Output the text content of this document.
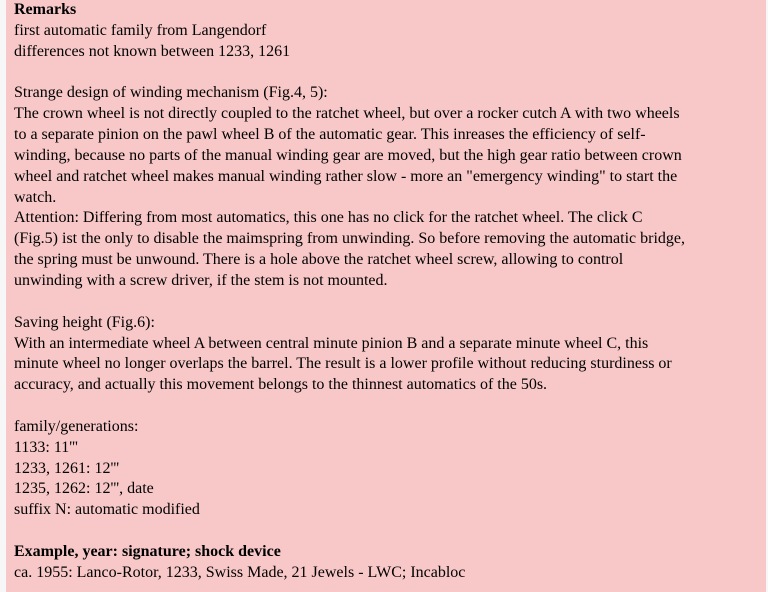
Remarks
first automatic family from Langendorf
differences not known between 1233, 1261
Strange design of winding mechanism (Fig.4, 5):
The crown wheel is not directly coupled to the ratchet wheel, but over a rocker cutch A with two wheels
to a separate pinion on the pawl wheel B of the automatic gear. This inreases the efficiency of self-
winding, because no parts of the manual winding gear are moved, but the high gear ratio between crown
wheel and ratchet wheel makes manual winding rather slow - more an "emergency winding" to start the
watch.
Attention: Differing from most automatics, this one has no click for the ratchet wheel. The click C
(Fig.5) ist the only to disable the maimspring from unwinding. So before removing the automatic bridge,
the spring must be unwound. There is a hole above the ratchet wheel screw, allowing to control
unwinding with a screw driver, if the stem is not mounted.
Saving height (Fig.6):
With an intermediate wheel A between central minute pinion B and a separate minute wheel C, this
minute wheel no longer overlaps the barrel. The result is a lower profile without reducing sturdiness or
accuracy, and actually this movement belongs to the thinnest automatics of the 50s.
family/generations:
1133: 11'''
1233, 1261: 12'''
1235, 1262: 12''', date
suffix N: automatic modified
Example, year: signature; shock device
ca. 1955: Lanco-Rotor, 1233, Swiss Made, 21 Jewels - LWC; Incabloc
